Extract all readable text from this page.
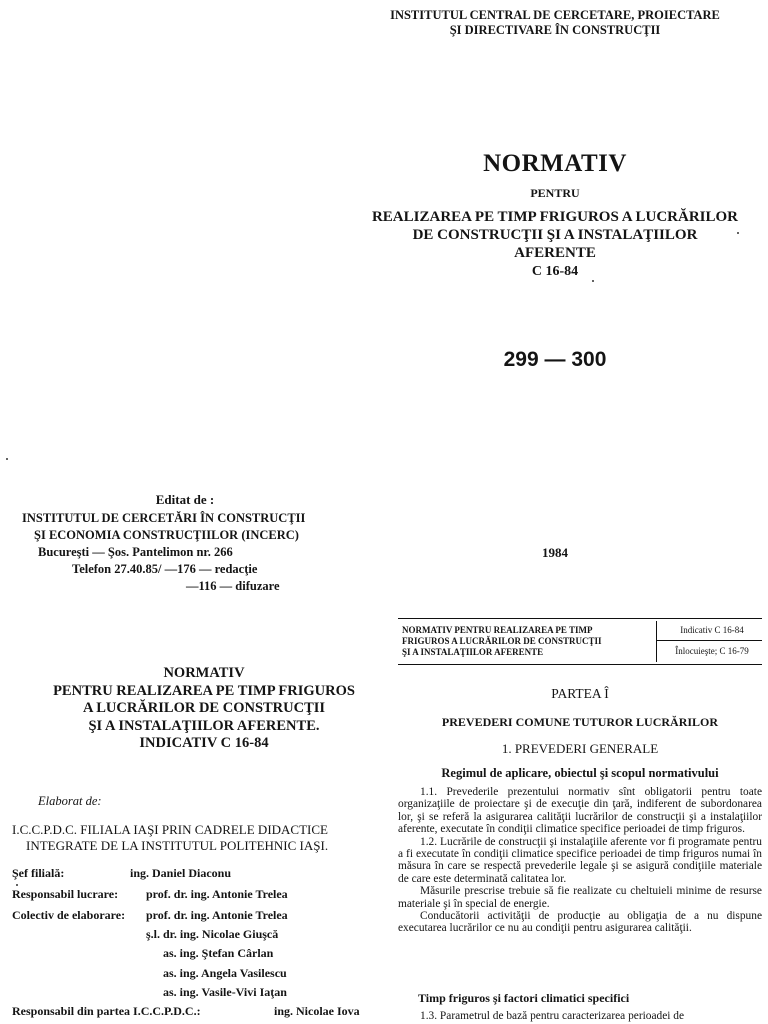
INSTITUTUL CENTRAL DE CERCETARE, PROIECTARE
ŞI DIRECTIVARE ÎN CONSTRUCŢII
NORMATIV
PENTRU
REALIZAREA PE TIMP FRIGUROS A LUCRĂRILOR
DE CONSTRUCŢII ŞI A INSTALAŢIILOR
AFERENTE
C 16-84
299 — 300
Editat de :
INSTITUTUL DE CERCETĂRI ÎN CONSTRUCŢII
ŞI ECONOMIA CONSTRUCŢIILOR (INCERC)
Bucureşti — Şos. Pantelimon nr. 266
Telefon 27.40.85/ —176 — redacţie
—116 — difuzare
1984
NORMATIV PENTRU REALIZAREA PE TIMP
FRIGUROS A LUCRĂRILOR DE CONSTRUCŢII
ŞI A INSTALAŢIILOR AFERENTE
Indicativ C 16-84
Înlocuieşte; C 16-79
NORMATIV
PENTRU REALIZAREA PE TIMP FRIGUROS
A LUCRĂRILOR DE CONSTRUCŢII
ŞI A INSTALAŢIILOR AFERENTE.
INDICATIV C 16-84
PARTEA Î
PREVEDERI COMUNE TUTUROR LUCRĂRILOR
1. PREVEDERI GENERALE
Regimul de aplicare, obiectul şi scopul normativului

1.1. Prevederile prezentului normativ sînt obligatorii pentru toate organizaţiile de proiectare şi de execuţie din ţară, indiferent de subordonarea lor, şi se referă la asigurarea calităţii lucrărilor de construcţii şi a instalaţiilor aferente, executate în condiţii climatice specifice perioadei de timp friguros.

1.2. Lucrările de construcţii şi instalaţiile aferente vor fi programate pentru a fi executate în condiţii climatice specifice perioadei de timp friguros numai în măsura în care se respectă prevederile legale şi se asigură condiţiile materiale de care este determinată calitatea lor.

Măsurile prescrise trebuie să fie realizate cu cheltuieli minime de resurse materiale şi în special de energie.

Conducătorii activităţii de producţie au obligaţia de a nu dispune executarea lucrărilor ce nu au condiţii pentru asigurarea calităţii.

Timp friguros şi factori climatici specifici
1.3. Parametrul de bază pentru caracterizarea perioadei de
Elaborat de:
I.C.C.P.D.C. FILIALA IAŞI PRIN CADRELE DIDACTICE
INTEGRATE DE LA INSTITUTUL POLITEHNIC IAŞI.
Şef filială:	ing. Daniel Diaconu
Responsabil lucrare: prof. dr. ing. Antonie Trelea
Colectiv de elaborare: prof. dr. ing. Antonie Trelea
ş.l. dr. ing. Nicolae Giuşcă
as. ing. Ştefan Cârlan
as. ing. Angela Vasilescu
as. ing. Vasile-Vivi Iaţan
Responsabil din partea I.C.C.P.D.C.:	ing. Nicolae Iova
